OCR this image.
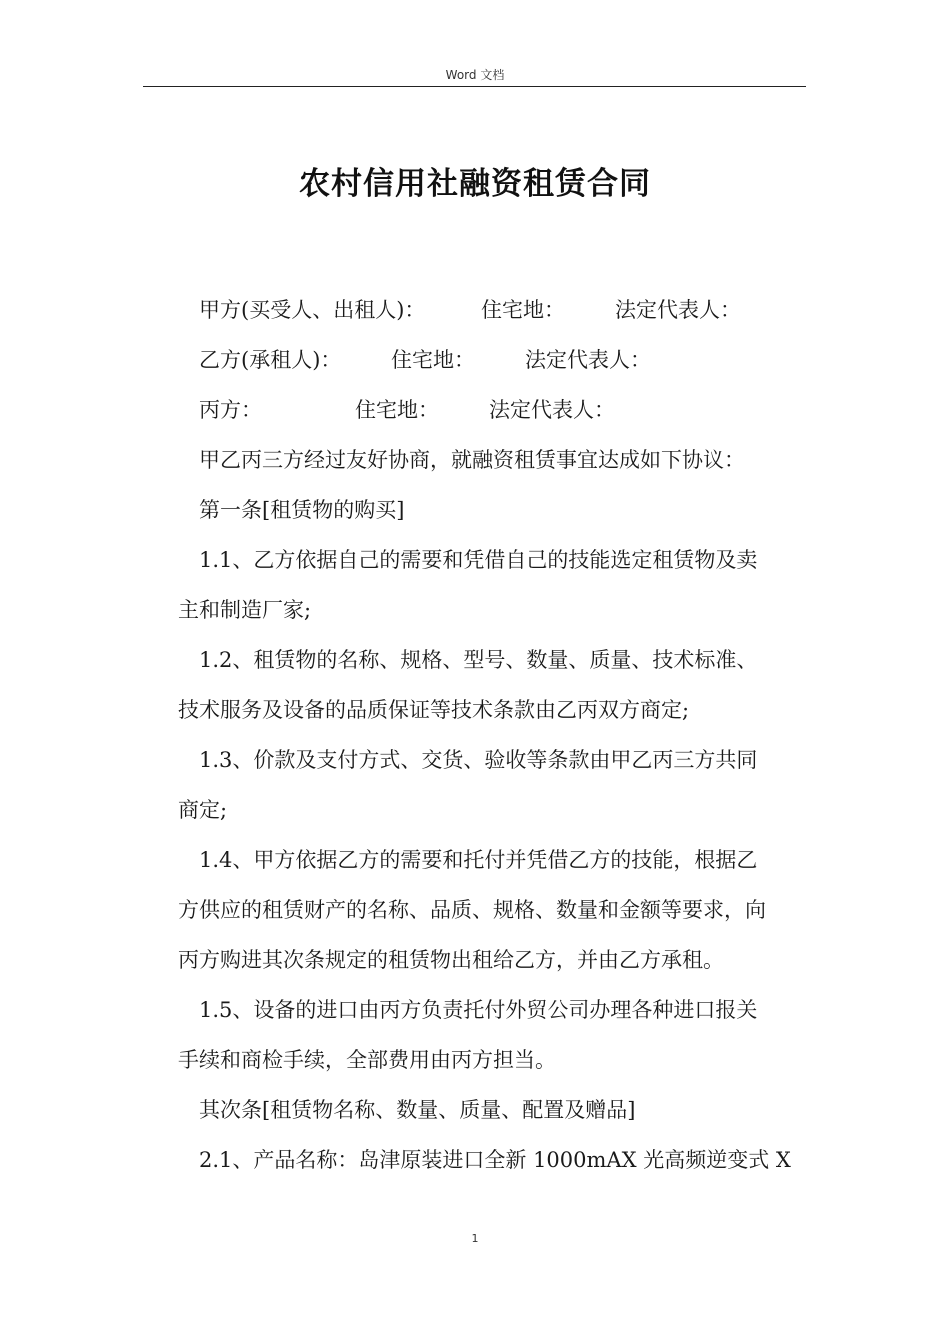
Word 文档
农村信用社融资租赁合同
甲方(买受人、出租人)：	住宅地： 法定代表人：
乙方(承租人)： 住宅地： 法定代表人：
丙方：	住宅地： 法定代表人：
甲乙丙三方经过友好协商，就融资租赁事宜达成如下协议：
第一条[租赁物的购买]
1.1、乙方依据自己的需要和凭借自己的技能选定租赁物及卖
主和制造厂家;
1.2、租赁物的名称、规格、型号、数量、质量、技术标准、
技术服务及设备的品质保证等技术条款由乙丙双方商定;
1.3、价款及支付方式、交货、验收等条款由甲乙丙三方共同
商定;
1.4、甲方依据乙方的需要和托付并凭借乙方的技能，根据乙
方供应的租赁财产的名称、品质、规格、数量和金额等要求，向
丙方购进其次条规定的租赁物出租给乙方，并由乙方承租。
1.5、设备的进口由丙方负责托付外贸公司办理各种进口报关
手续和商检手续，全部费用由丙方担当。
其次条[租赁物名称、数量、质量、配置及赠品]
2.1、产品名称：岛津原装进口全新 1000mAX 光高频逆变式 X
1
